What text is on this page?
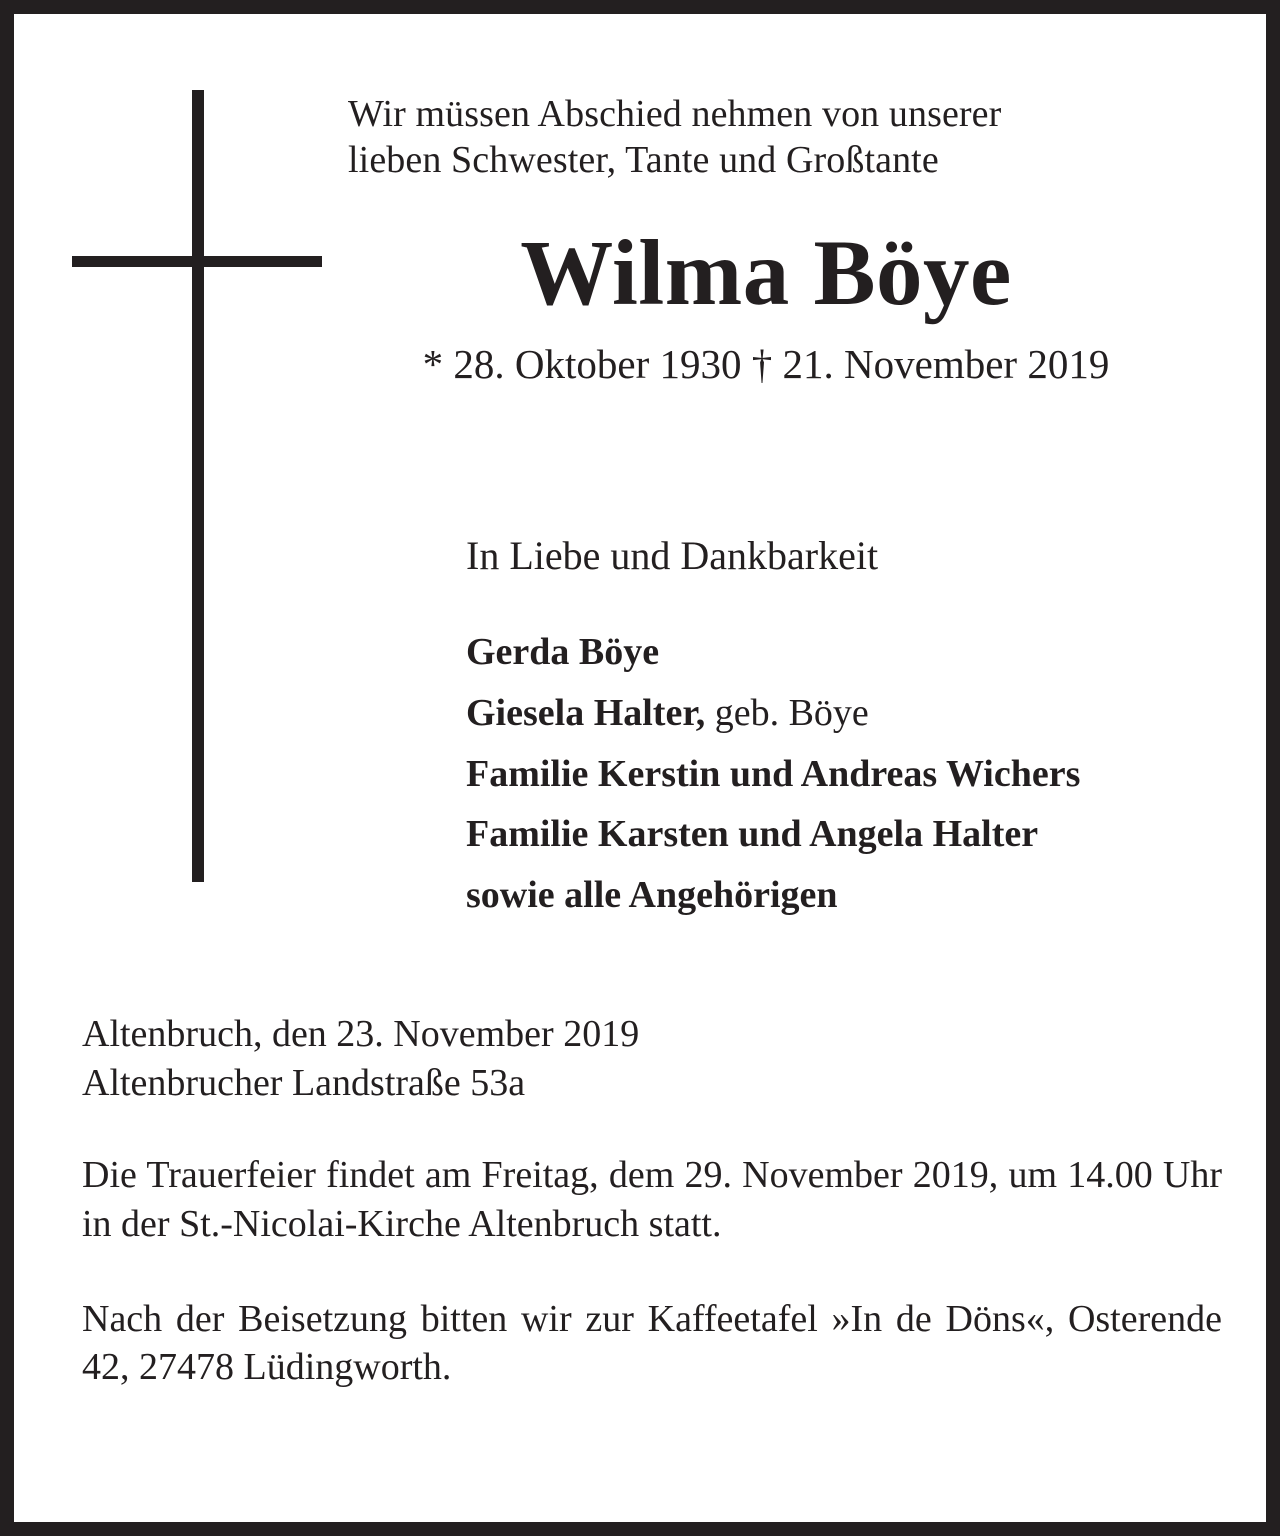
Wir müssen Abschied nehmen von unserer
lieben Schwester, Tante und Großtante
Wilma Böye
* 28. Oktober 1930 † 21. November 2019
In Liebe und Dankbarkeit
Gerda Böye
Giesela Halter, geb. Böye
Familie Kerstin und Andreas Wichers
Familie Karsten und Angela Halter
sowie alle Angehörigen
Altenbruch, den 23. November 2019
Altenbrucher Landstraße 53a
Die Trauerfeier findet am Freitag, dem 29. November 2019, um 14.00 Uhr in der St.-Nicolai-Kirche Altenbruch statt.
Nach der Beisetzung bitten wir zur Kaffeetafel »In de Döns«, Osterende 42, 27478 Lüdingworth.
